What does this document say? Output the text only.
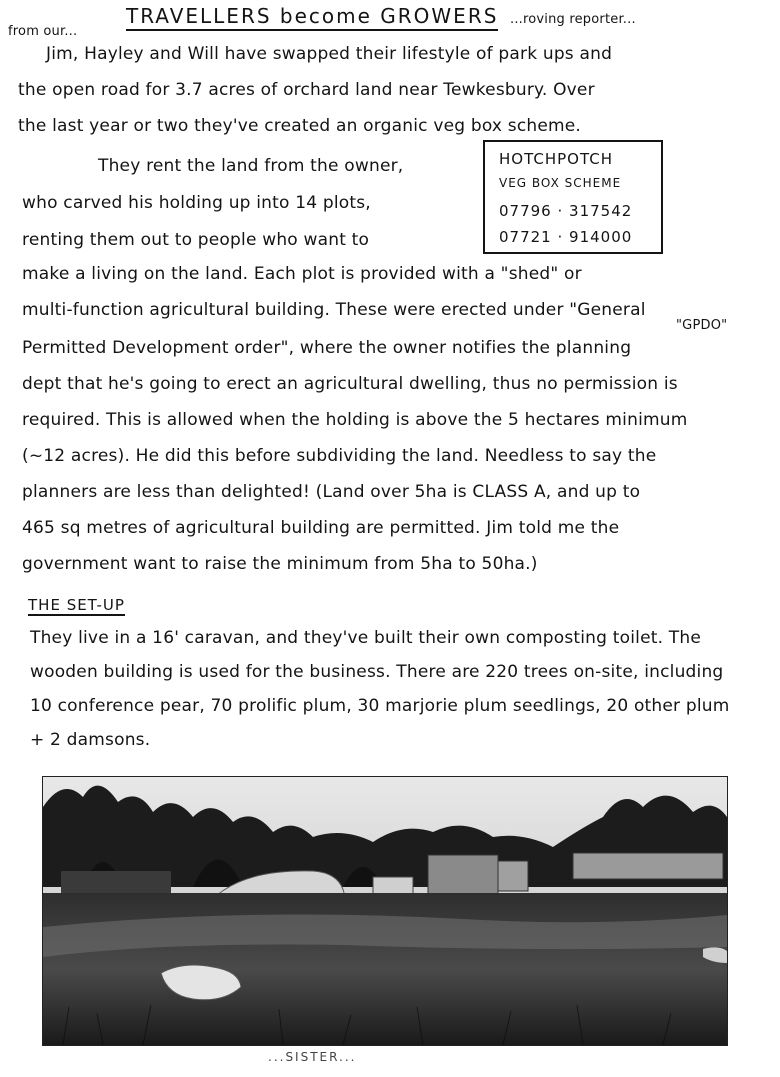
from our...
TRAVELLERS become GROWERS ...roving reporter...
Jim, Hayley and Will have swapped their lifestyle of park ups and
the open road for 3.7 acres of orchard land near Tewkesbury. Over
the last year or two they've created an organic veg box scheme.
They rent the land from the owner,
who carved his holding up into 14 plots,
renting them out to people who want to
HOTCHPOTCH
VEG BOX SCHEME
07796 · 317542
07721 · 914000
make a living on the land. Each plot is provided with a "shed" or
multi-function agricultural building. These were erected under "General
"GPDO"
Permitted Development order", where the owner notifies the planning
dept that he's going to erect an agricultural dwelling, thus no permission is
required. This is allowed when the holding is above the 5 hectares minimum
(~12 acres). He did this before subdividing the land. Needless to say the
planners are less than delighted! (Land over 5ha is CLASS A, and up to
465 sq metres of agricultural building are permitted. Jim told me the
government want to raise the minimum from 5ha to 50ha.)
THE SET-UP
They live in a 16' caravan, and they've built their own composting toilet. The
wooden building is used for the business. There are 220 trees on-site, including
10 conference pear, 70 prolific plum, 30 marjorie plum seedlings, 20 other plum
+ 2 damsons.
...SISTER...
